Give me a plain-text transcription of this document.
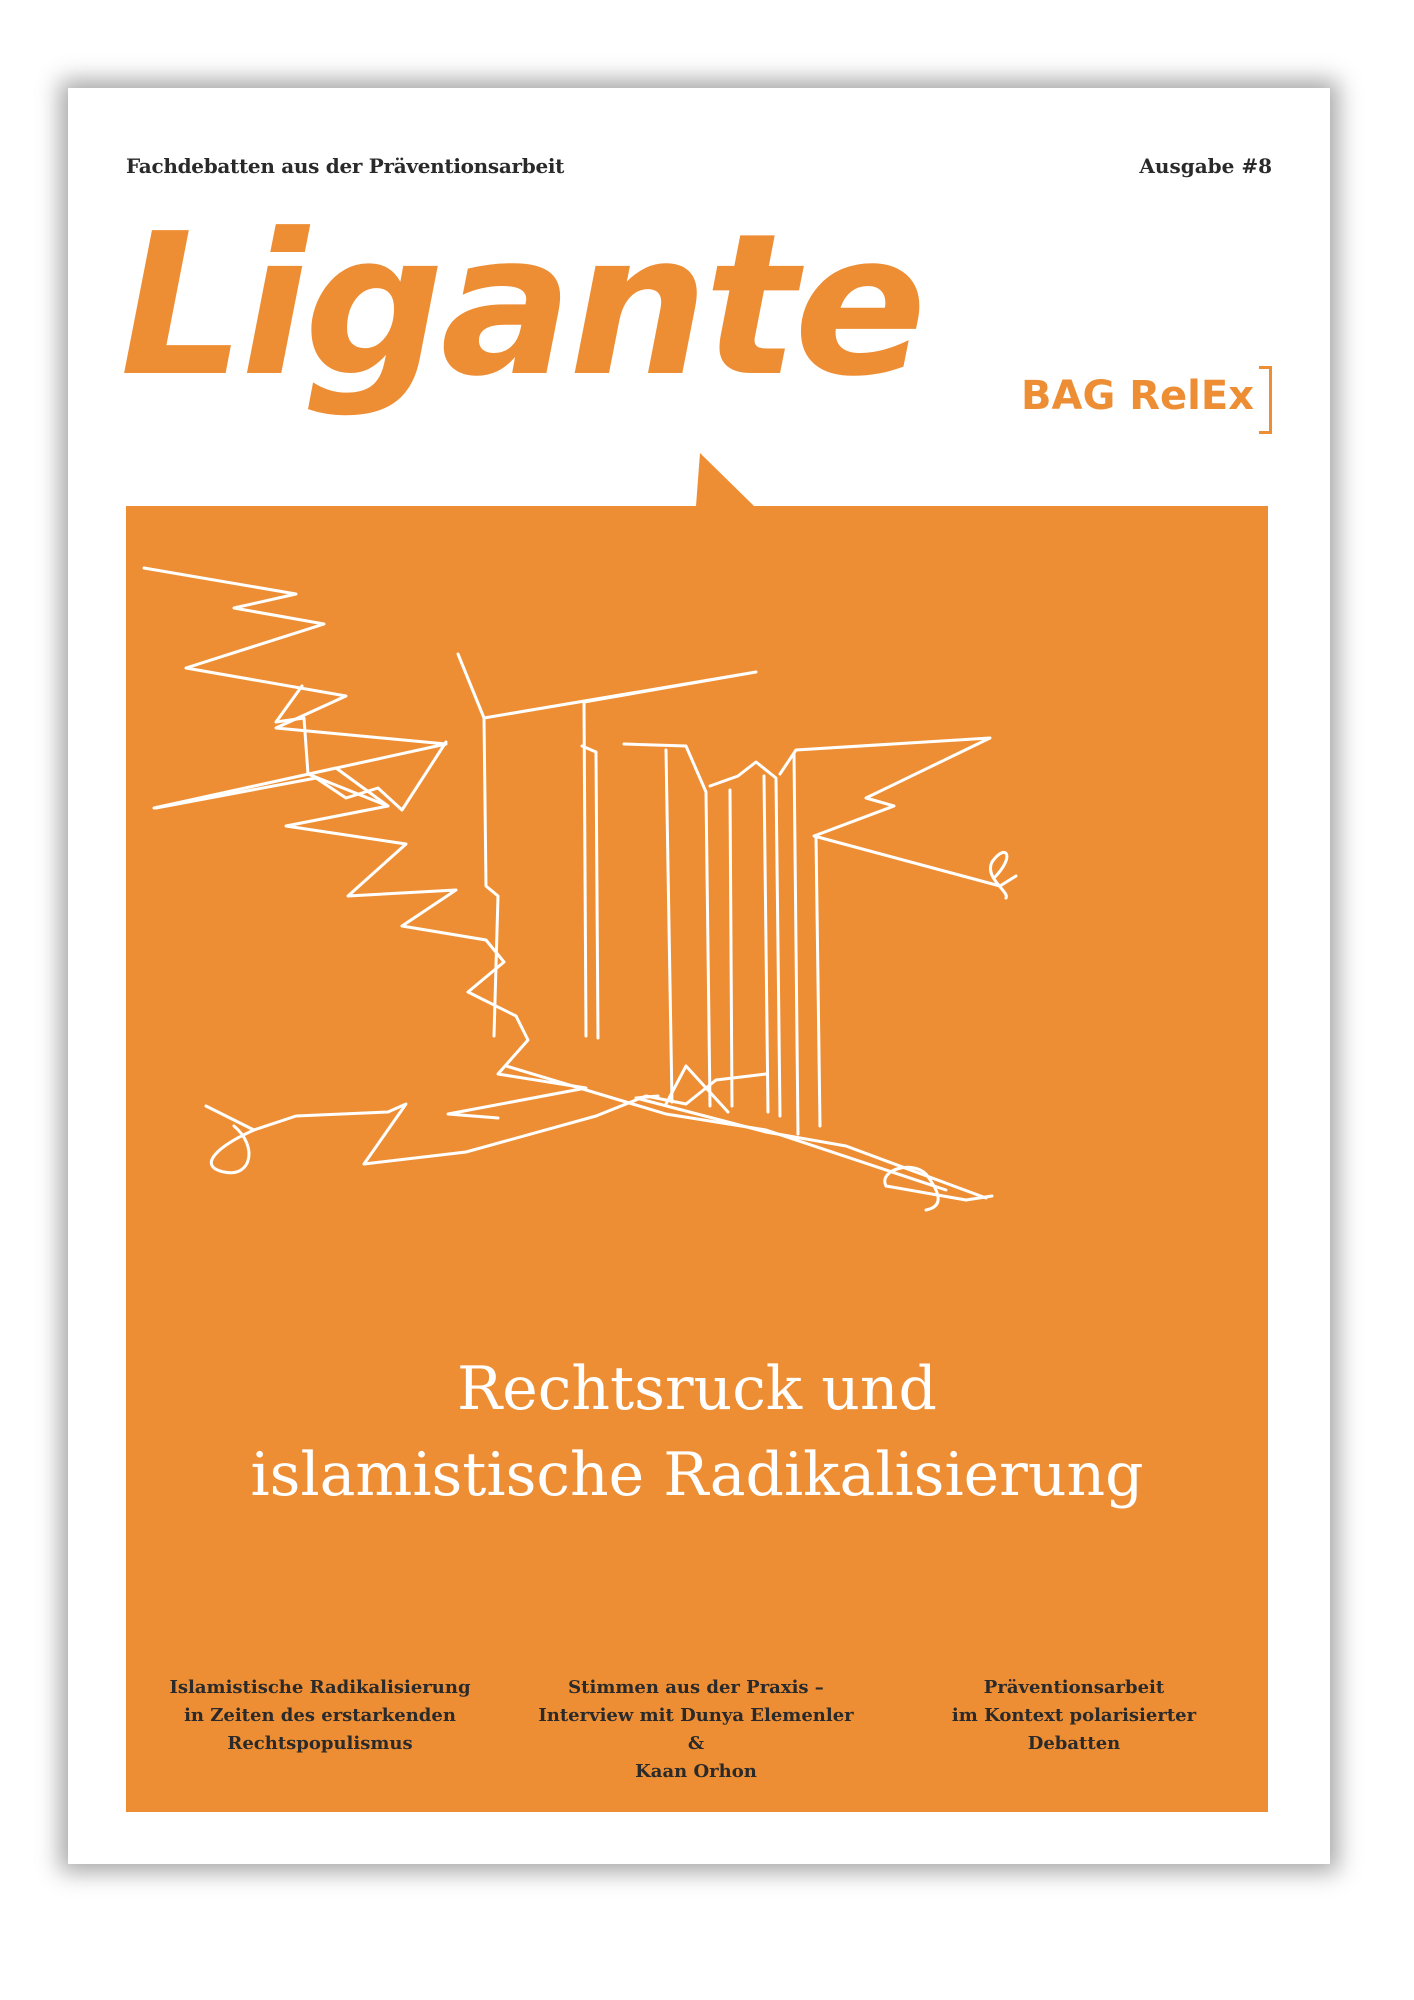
Fachdebatten aus der Präventionsarbeit	Ausgabe #8
Ligante BAG RelEx
Rechtsruck und
islamistische Radikalisierung
Islamistische Radikalisierung
in Zeiten des erstarkenden
Rechtspopulismus
Stimmen aus der Praxis –
Interview mit Dunya Elemenler &
Kaan Orhon
Präventionsarbeit
im Kontext polarisierter
Debatten
